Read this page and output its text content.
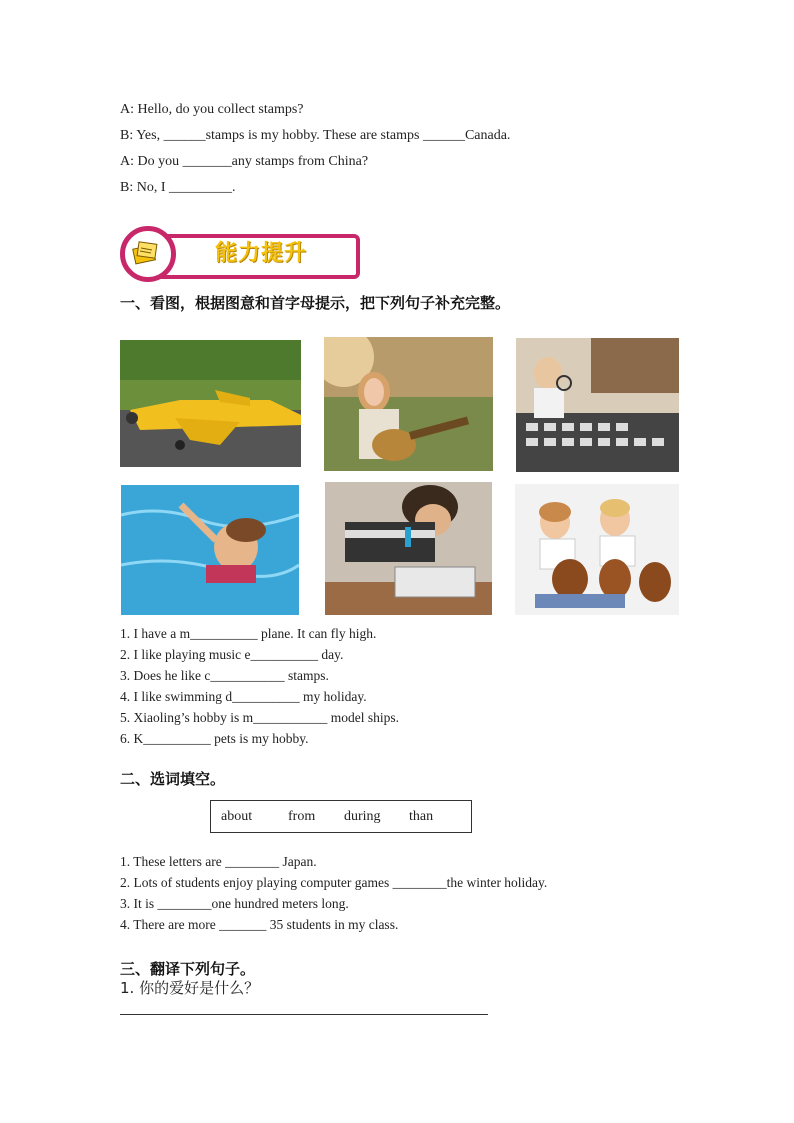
A: Hello, do you collect stamps?
B: Yes, ______stamps is my hobby. These are stamps ______Canada.
A: Do you _______any stamps from China?
B: No, I _________.
能力提升
一、看图，根据图意和首字母提示，把下列句子补充完整。
1. I have a m__________ plane. It can fly high.
2. I like playing music e__________ day.
3. Does he like c___________ stamps.
4. I like swimming d__________ my holiday.
5. Xiaoling’s hobby is m___________ model ships.
6. K__________ pets is my hobby.
二、选词填空。
about	from during than
1. These letters are ________ Japan.
2. Lots of students enjoy playing computer games ________the winter holiday.
3. It is ________one hundred meters long.
4. There are more _______ 35 students in my class.
三、翻译下列句子。
1. 你的爱好是什么？
